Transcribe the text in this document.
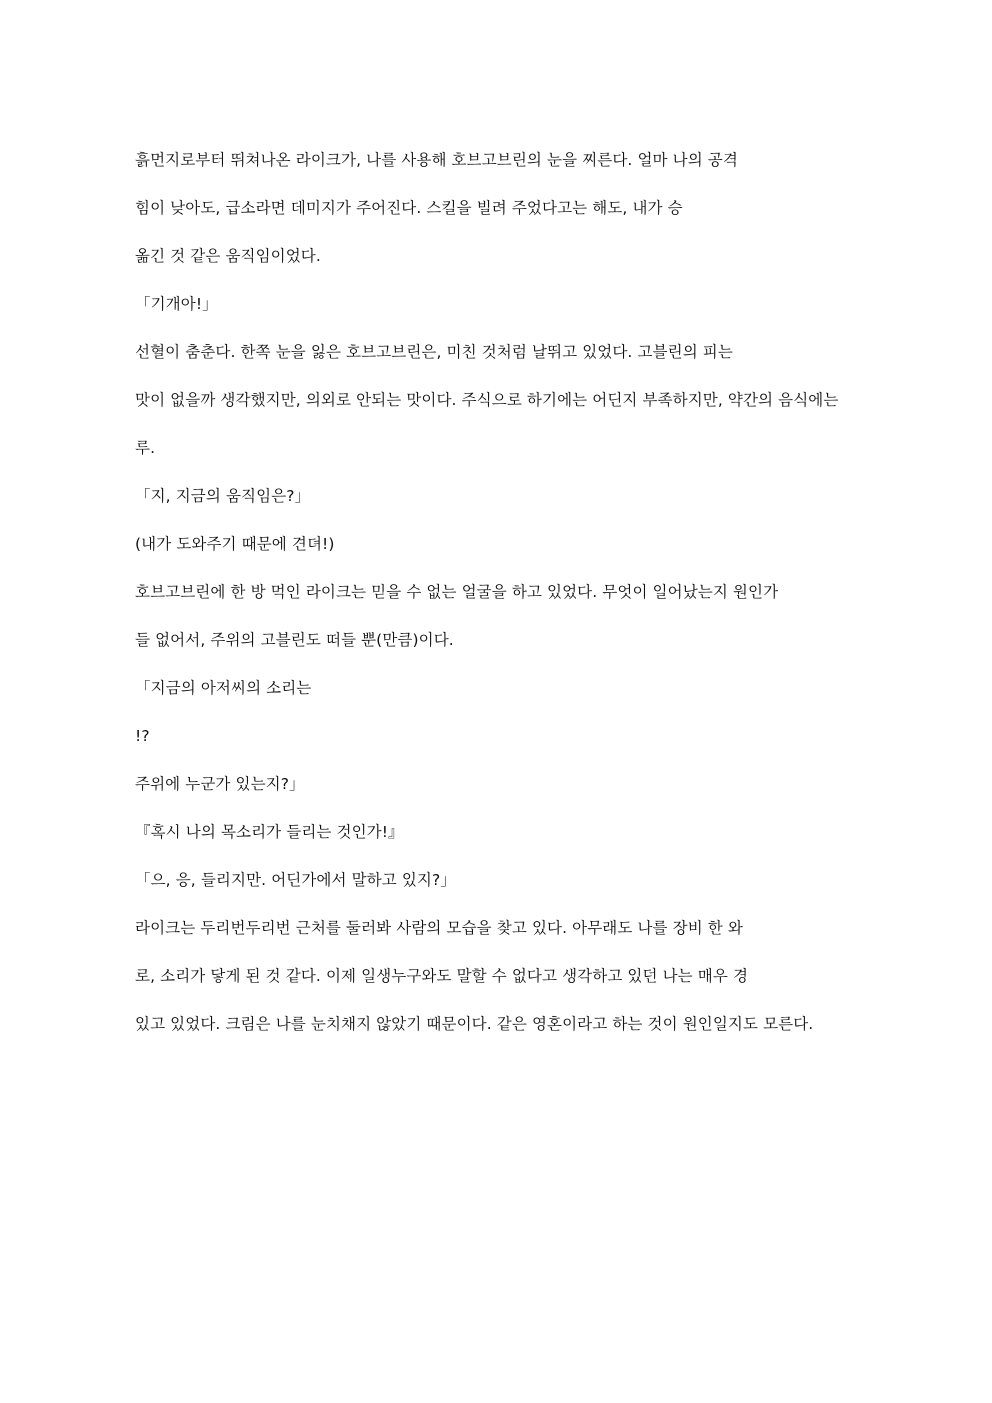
흙먼지로부터 뛰쳐나온 라이크가, 나를 사용해 호브고브린의 눈을 찌른다. 얼마 나의 공격

힘이 낮아도, 급소라면 데미지가 주어진다. 스킬을 빌려 주었다고는 해도, 내가 승

옮긴 것 같은 움직임이었다.

「기개아!」

선혈이 춤춘다. 한쪽 눈을 잃은 호브고브린은, 미친 것처럼 날뛰고 있었다. 고블린의 피는

맛이 없을까 생각했지만, 의외로 안되는 맛이다. 주식으로 하기에는 어딘지 부족하지만, 약간의 음식에는

루.

「지, 지금의 움직임은?」

(내가 도와주기 때문에 견뎌!)

호브고브린에 한 방 먹인 라이크는 믿을 수 없는 얼굴을 하고 있었다. 무엇이 일어났는지 원인가

들 없어서, 주위의 고블린도 떠들 뿐(만큼)이다.

「지금의 아저씨의 소리는

!?

주위에 누군가 있는지?」

『혹시 나의 목소리가 들리는 것인가!』

「으, 응, 들리지만. 어딘가에서 말하고 있지?」

라이크는 두리번두리번 근처를 둘러봐 사람의 모습을 찾고 있다. 아무래도 나를 장비 한 와

로, 소리가 닿게 된 것 같다. 이제 일생누구와도 말할 수 없다고 생각하고 있던 나는 매우 경

있고 있었다. 크림은 나를 눈치채지 않았기 때문이다. 같은 영혼이라고 하는 것이 원인일지도 모른다.
